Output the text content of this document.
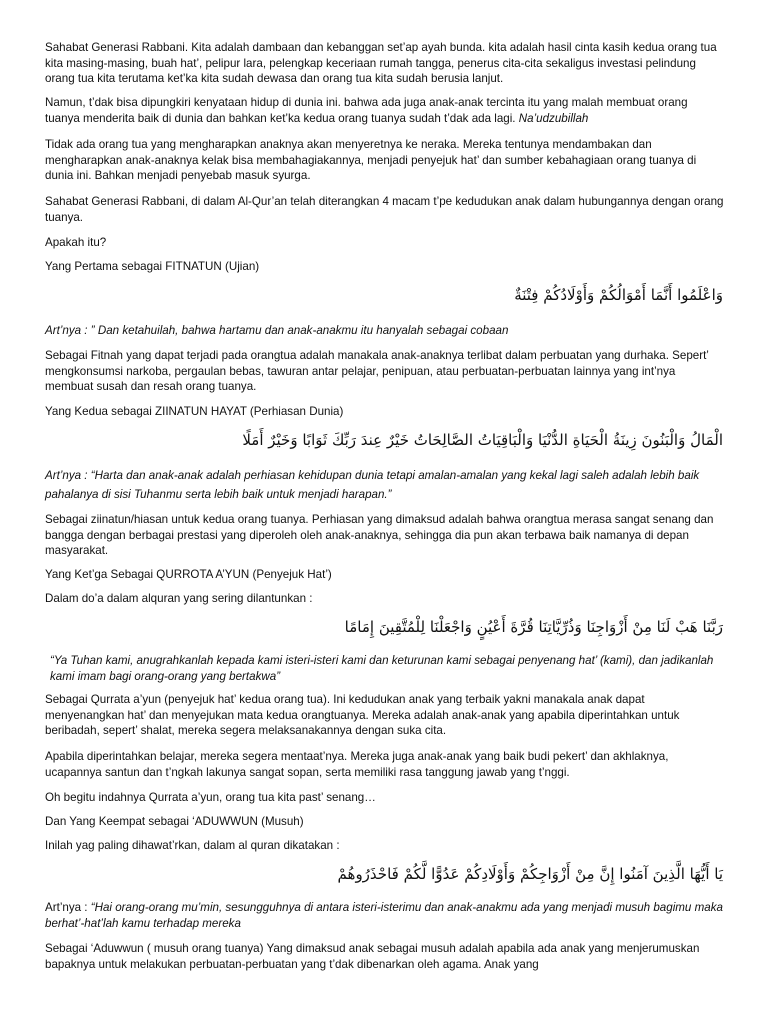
Sahabat Generasi Rabbani. Kita adalah dambaan dan kebanggan set’ap ayah bunda. kita adalah hasil cinta kasih kedua orang tua kita masing-masing, buah hat’, pelipur lara, pelengkap keceriaan rumah tangga, penerus cita-cita sekaligus investasi pelindung orang tua kita terutama ket’ka kita sudah dewasa dan orang tua kita sudah berusia lanjut.

Namun, t’dak bisa dipungkiri kenyataan hidup di dunia ini. bahwa ada juga anak-anak tercinta itu yang malah membuat orang tuanya menderita baik di dunia dan bahkan ket’ka kedua orang tuanya sudah t’dak ada lagi. Na’udzubillah

Tidak ada orang tua yang mengharapkan anaknya akan menyeretnya ke neraka. Mereka tentunya mendambakan dan mengharapkan anak-anaknya kelak bisa membahagiakannya, menjadi penyejuk hat’ dan sumber kebahagiaan orang tuanya di dunia ini. Bahkan menjadi penyebab masuk syurga.

Sahabat Generasi Rabbani, di dalam Al-Qur’an telah diterangkan 4 macam t’pe kedudukan anak dalam hubungannya dengan orang tuanya.

Apakah itu?

Yang Pertama sebagai FITNATUN (Ujian)

وَاعْلَمُوا أَنَّمَا أَمْوَالُكُمْ وَأَوْلَادُكُمْ فِتْنَةٌ

Art’nya : ” Dan ketahuilah, bahwa hartamu dan anak-anakmu itu hanyalah sebagai cobaan

Sebagai Fitnah yang dapat terjadi pada orangtua adalah manakala anak-anaknya terlibat dalam perbuatan yang durhaka. Sepert’ mengkonsumsi narkoba, pergaulan bebas, tawuran antar pelajar, penipuan, atau perbuatan-perbuatan lainnya yang int’nya membuat susah dan resah orang tuanya.

Yang Kedua sebagai ZIINATUN HAYAT (Perhiasan Dunia)

الْمَالُ وَالْبَنُونَ زِينَةُ الْحَيَاةِ الدُّنْيَا وَالْبَاقِيَاتُ الصَّالِحَاتُ خَيْرٌ عِندَ رَبِّكَ ثَوَابًا وَخَيْرٌ أَمَلًا

Art’nya : “Harta dan anak-anak adalah perhiasan kehidupan dunia tetapi amalan-amalan yang kekal lagi saleh adalah lebih baik pahalanya di sisi Tuhanmu serta lebih baik untuk menjadi harapan.”

Sebagai ziinatun/hiasan untuk kedua orang tuanya. Perhiasan yang dimaksud adalah bahwa orangtua merasa sangat senang dan bangga dengan berbagai prestasi yang diperoleh oleh anak-anaknya, sehingga dia pun akan terbawa baik namanya di depan masyarakat.

Yang Ket’ga Sebagai QURROTA A’YUN (Penyejuk Hat’)

Dalam do’a dalam alquran yang sering dilantunkan :

رَبَّنَا هَبْ لَنَا مِنْ أَزْوَاجِنَا وَذُرِّيَّاتِنَا قُرَّةَ أَعْيُنٍ وَاجْعَلْنَا لِلْمُتَّقِينَ إِمَامًا

“Ya Tuhan kami, anugrahkanlah kepada kami isteri-isteri kami dan keturunan kami sebagai penyenang hat’ (kami), dan jadikanlah kami imam bagi orang-orang yang bertakwa”

Sebagai Qurrata a’yun (penyejuk hat’ kedua orang tua). Ini kedudukan anak yang terbaik yakni manakala anak dapat menyenangkan hat’ dan menyejukan mata kedua orangtuanya. Mereka adalah anak-anak yang apabila diperintahkan untuk beribadah, sepert’ shalat, mereka segera melaksanakannya dengan suka cita.

Apabila diperintahkan belajar, mereka segera mentaat’nya. Mereka juga anak-anak yang baik budi pekert’ dan akhlaknya, ucapannya santun dan t’ngkah lakunya sangat sopan, serta memiliki rasa tanggung jawab yang t’nggi.

Oh begitu indahnya Qurrata a’yun, orang tua kita past’ senang…

Dan Yang Keempat sebagai ‘ADUWWUN (Musuh)

Inilah yag paling dihawat’rkan, dalam al quran dikatakan :

يَا أَيُّهَا الَّذِينَ آمَنُوا إِنَّ مِنْ أَزْوَاجِكُمْ وَأَوْلَادِكُمْ عَدُوًّا لَّكُمْ فَاحْذَرُوهُمْ

Art’nya : “Hai orang-orang mu’min, sesungguhnya di antara isteri-isterimu dan anak-anakmu ada yang menjadi musuh bagimu maka berhat’-hat’lah kamu terhadap mereka

Sebagai ‘Aduwwun ( musuh orang tuanya) Yang dimaksud anak sebagai musuh adalah apabila ada anak yang menjerumuskan bapaknya untuk melakukan perbuatan-perbuatan yang t’dak dibenarkan oleh agama. Anak yang
